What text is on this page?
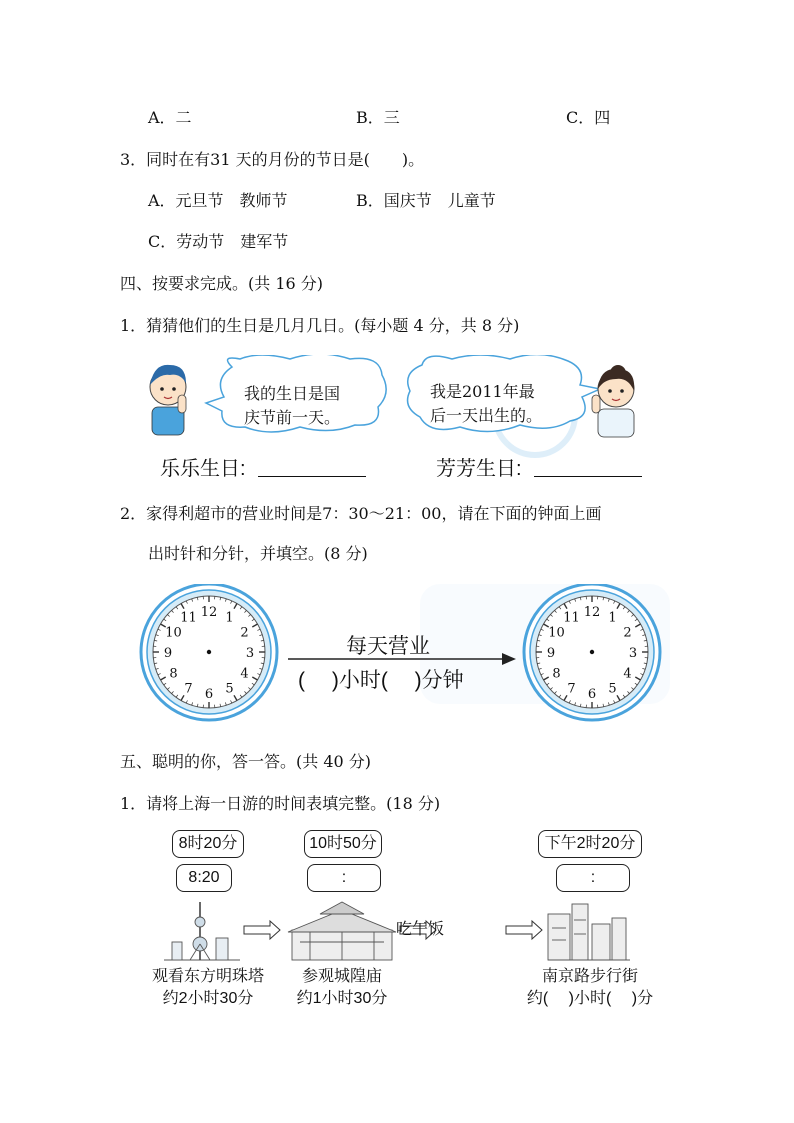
A．二	B．三	C．四
3．同时在有31 天的月份的节日是(　　)。
A．元旦节　教师节	B．国庆节　儿童节
C．劳动节　建军节
四、按要求完成。(共 16 分)
1．猜猜他们的生日是几月几日。(每小题 4 分，共 8 分)
我的生日是国
庆节前一天。
我是2011年最
后一天出生的。
乐乐生日:	芳芳生日:
2．家得利超市的营业时间是7：30～21：00，请在下面的钟面上画
出时针和分针，并填空。(8 分)
12 1
2
3
4
5
6
7
8
9
10
11	12 1
2
3
4
5
6
7
8
9
10
11
每天营业
(　 )小时(　 )分钟
五、聪明的你，答一答。(共 40 分)
1．请将上海一日游的时间表填完整。(18 分)
8时20分
8:20
10时50分
:
下午2时20分
:
吃午饭
观看东方明珠塔
约2小时30分
参观城隍庙
约1小时30分
南京路步行街
约(　 )小时(　 )分
